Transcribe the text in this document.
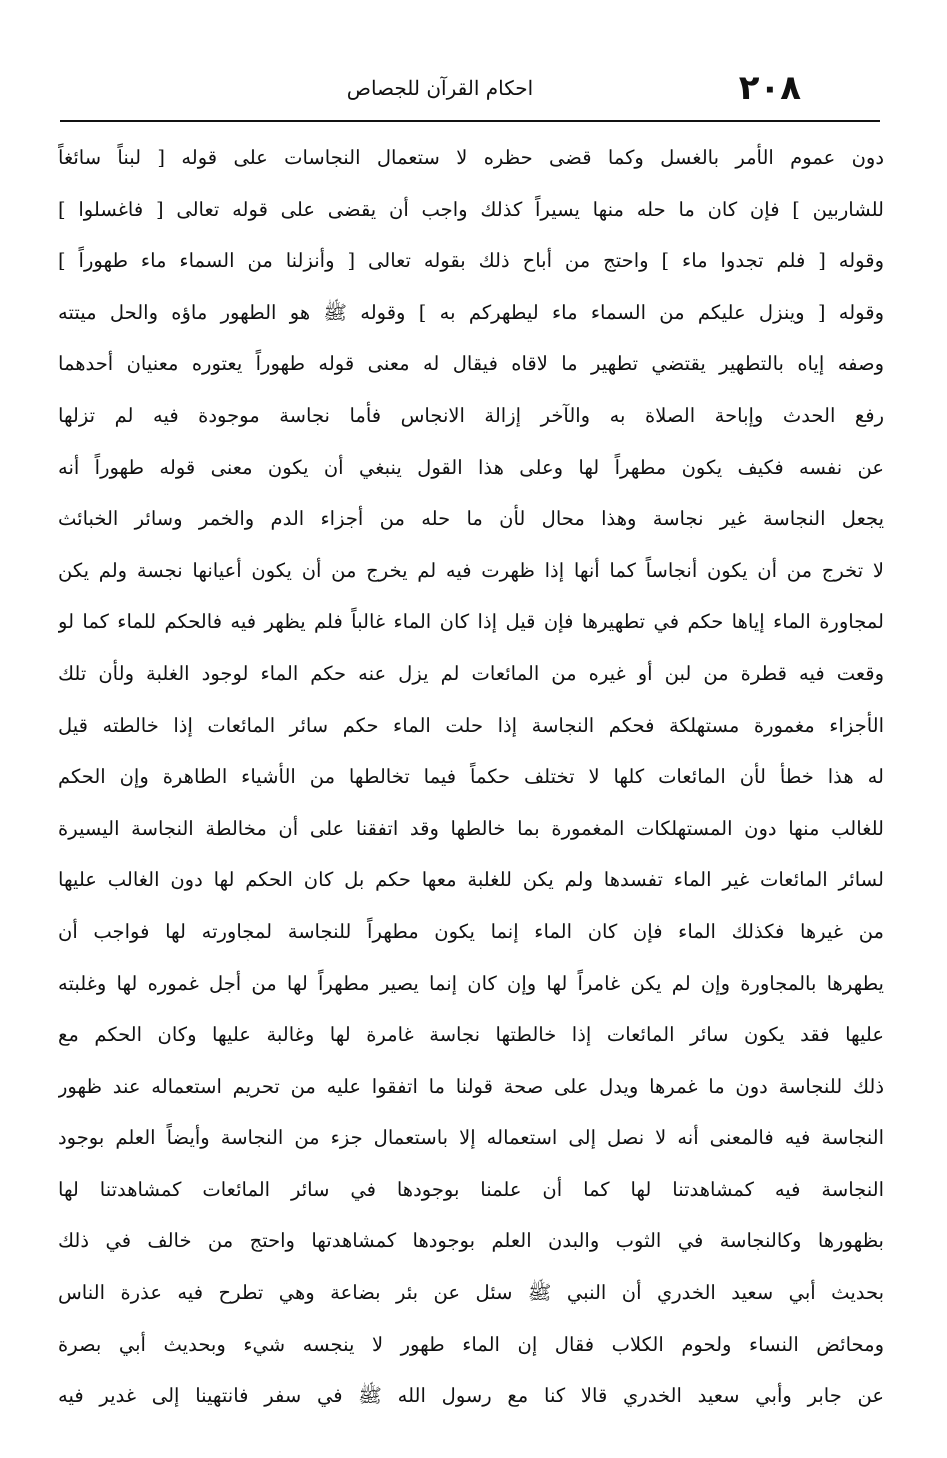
٢٠٨
احكام القرآن للجصاص
دون عموم الأمر بالغسل وكما قضى حظره لا ستعمال النجاسات على قوله [ لبناً سائغاً
للشاربين ] فإن كان ما حله منها يسيراً كذلك واجب أن يقضى على قوله تعالى [ فاغسلوا ]
وقوله [ فلم تجدوا ماء ] واحتج من أباح ذلك بقوله تعالى [ وأنزلنا من السماء ماء طهوراً ]
وقوله [ وينزل عليكم من السماء ماء ليطهركم به ] وقوله ﷺ هو الطهور ماؤه والحل ميتته
وصفه إياه بالتطهير يقتضي تطهير ما لاقاه فيقال له معنى قوله طهوراً يعتوره معنيان أحدهما
رفع الحدث وإباحة الصلاة به والآخر إزالة الانجاس فأما نجاسة موجودة فيه لم تزلها
عن نفسه فكيف يكون مطهراً لها وعلى هذا القول ينبغي أن يكون معنى قوله طهوراً أنه
يجعل النجاسة غير نجاسة وهذا محال لأن ما حله من أجزاء الدم والخمر وسائر الخبائث
لا تخرج من أن يكون أنجاساً كما أنها إذا ظهرت فيه لم يخرج من أن يكون أعيانها نجسة ولم يكن
لمجاورة الماء إياها حكم في تطهيرها فإن قيل إذا كان الماء غالباً فلم يظهر فيه فالحكم للماء كما لو
وقعت فيه قطرة من لبن أو غيره من المائعات لم يزل عنه حكم الماء لوجود الغلبة ولأن تلك
الأجزاء مغمورة مستهلكة فحكم النجاسة إذا حلت الماء حكم سائر المائعات إذا خالطته قيل
له هذا خطأ لأن المائعات كلها لا تختلف حكماً فيما تخالطها من الأشياء الطاهرة وإن الحكم
للغالب منها دون المستهلكات المغمورة بما خالطها وقد اتفقنا على أن مخالطة النجاسة اليسيرة
لسائر المائعات غير الماء تفسدها ولم يكن للغلبة معها حكم بل كان الحكم لها دون الغالب عليها
من غيرها فكذلك الماء فإن كان الماء إنما يكون مطهراً للنجاسة لمجاورته لها فواجب أن
يطهرها بالمجاورة وإن لم يكن غامراً لها وإن كان إنما يصير مطهراً لها من أجل غموره لها وغلبته
عليها فقد يكون سائر المائعات إذا خالطتها نجاسة غامرة لها وغالبة عليها وكان الحكم مع
ذلك للنجاسة دون ما غمرها ويدل على صحة قولنا ما اتفقوا عليه من تحريم استعماله عند ظهور
النجاسة فيه فالمعنى أنه لا نصل إلى استعماله إلا باستعمال جزء من النجاسة وأيضاً العلم بوجود
النجاسة فيه كمشاهدتنا لها كما أن علمنا بوجودها في سائر المائعات كمشاهدتنا لها
بظهورها وكالنجاسة في الثوب والبدن العلم بوجودها كمشاهدتها واحتج من خالف في ذلك
بحديث أبي سعيد الخدري أن النبي ﷺ سئل عن بئر بضاعة وهي تطرح فيه عذرة الناس
ومحائض النساء ولحوم الكلاب فقال إن الماء طهور لا ينجسه شيء وبحديث أبي بصرة
عن جابر وأبي سعيد الخدري قالا كنا مع رسول الله ﷺ في سفر فانتهينا إلى غدير فيه
